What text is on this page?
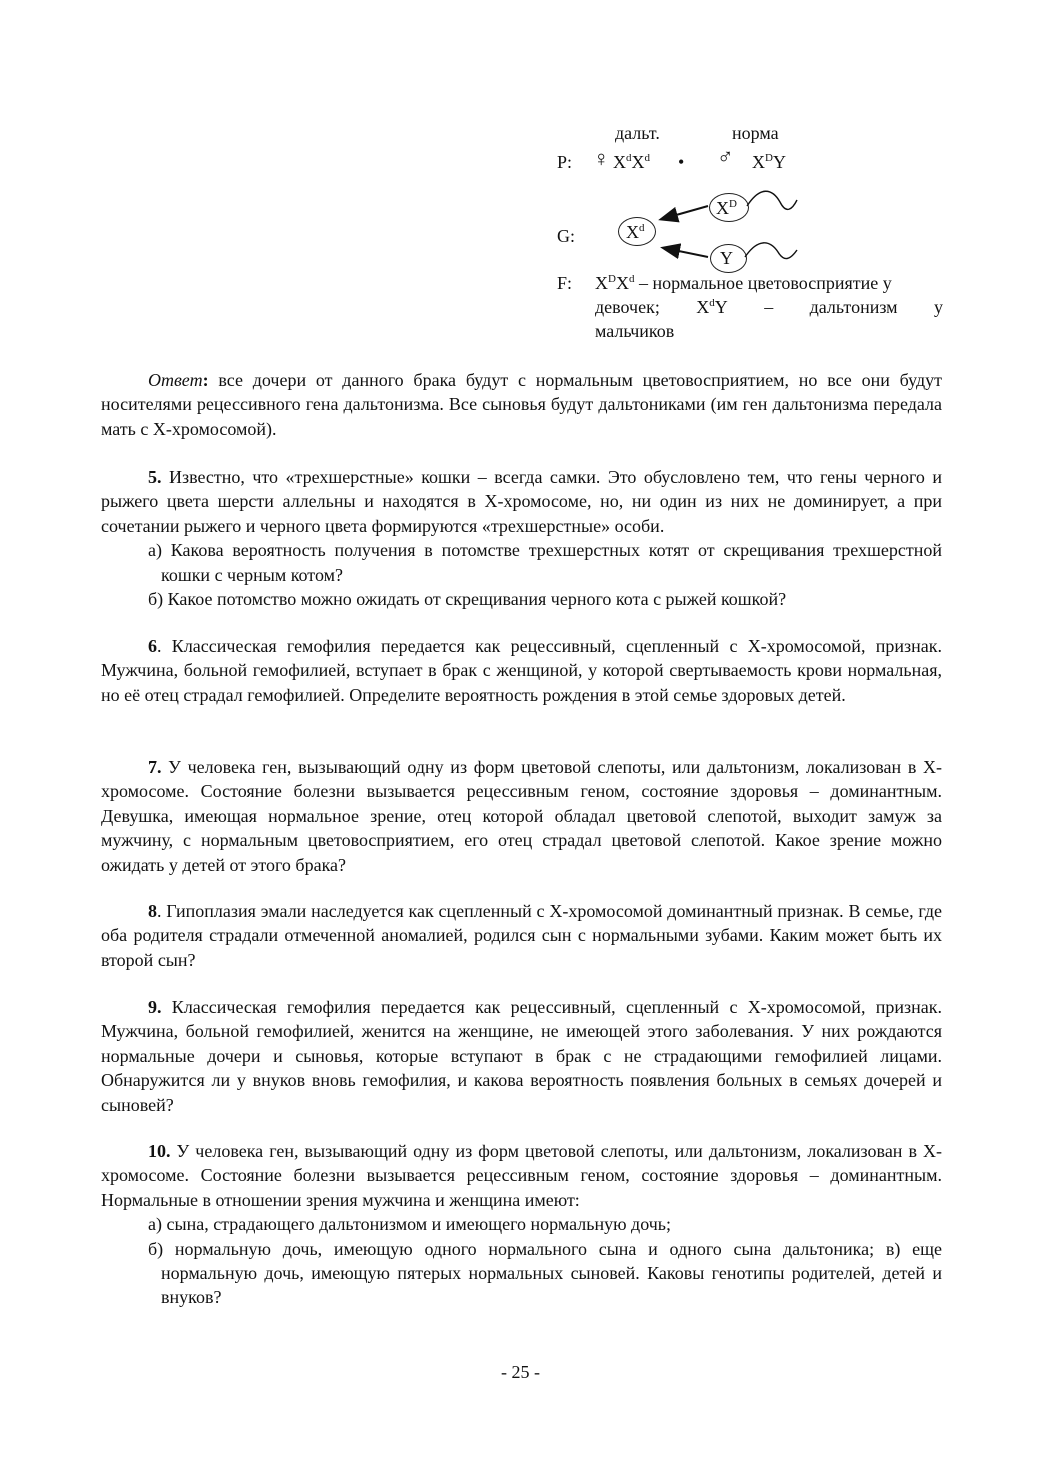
дальт.	норма
P: ♀ $X^dX^d$ • ♂ $X^DY$
G:	$X^d$
$X^D$
Y
F: $X^DX^d$ – нормальное цветовосприятие у
девочек; $X^dY$ – дальтонизм у
мальчиков

Ответ: все дочери от данного брака будут с нормальным цветовосприятием, но все они будут носителями рецессивного гена дальтонизма. Все сыновья будут дальтониками (им ген дальтонизма передала мать с Х-хромосомой).

5. Известно, что «трехшерстные» кошки – всегда самки. Это обусловлено тем, что гены черного и рыжего цвета шерсти аллельны и находятся в Х-хромосоме, но, ни один из них не доминирует, а при сочетании рыжего и черного цвета формируются «трехшерстные» особи.

а) Какова вероятность получения в потомстве трехшерстных котят от скрещивания трехшерстной кошки с черным котом?

б) Какое потомство можно ожидать от скрещивания черного кота с рыжей кошкой?

6. Классическая гемофилия передается как рецессивный, сцепленный с Х-хромосомой, признак. Мужчина, больной гемофилией, вступает в брак с женщиной, у которой свертываемость крови нормальная, но её отец страдал гемофилией. Определите вероятность рождения в этой семье здоровых детей.

7. У человека ген, вызывающий одну из форм цветовой слепоты, или дальтонизм, локализован в Х-хромосоме. Состояние болезни вызывается рецессивным геном, состояние здоровья – доминантным. Девушка, имеющая нормальное зрение, отец которой обладал цветовой слепотой, выходит замуж за мужчину, с нормальным цветовосприятием, его отец страдал цветовой слепотой. Какое зрение можно ожидать у детей от этого брака?

8. Гипоплазия эмали наследуется как сцепленный с Х-хромосомой доминантный признак. В семье, где оба родителя страдали отмеченной аномалией, родился сын с нормальными зубами. Каким может быть их второй сын?

9. Классическая гемофилия передается как рецессивный, сцепленный с Х-хромосомой, признак. Мужчина, больной гемофилией, женится на женщине, не имеющей этого заболевания. У них рождаются нормальные дочери и сыновья, которые вступают в брак с не страдающими гемофилией лицами. Обнаружится ли у внуков вновь гемофилия, и какова вероятность появления больных в семьях дочерей и сыновей?

10. У человека ген, вызывающий одну из форм цветовой слепоты, или дальтонизм, локализован в Х-хромосоме. Состояние болезни вызывается рецессивным геном, состояние здоровья – доминантным. Нормальные в отношении зрения мужчина и женщина имеют:

а) сына, страдающего дальтонизмом и имеющего нормальную дочь;

б) нормальную дочь, имеющую одного нормального сына и одного сына дальтоника; в) еще нормальную дочь, имеющую пятерых нормальных сыновей. Каковы генотипы родителей, детей и внуков?

- 25 -
